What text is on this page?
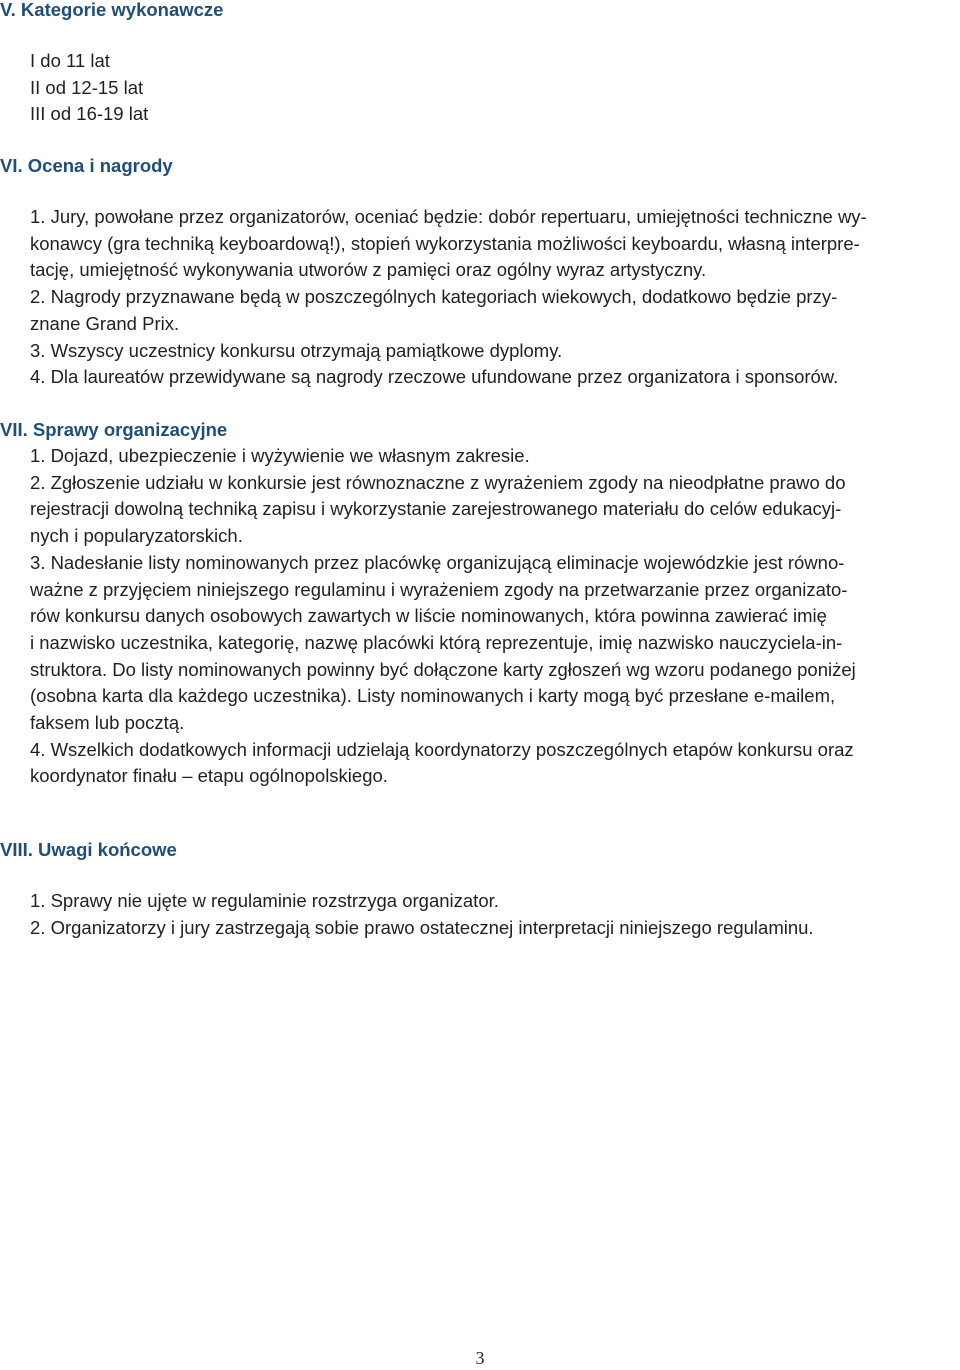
V. Kategorie wykonawcze
I do 11 lat
II od 12-15 lat
III od 16-19 lat
VI. Ocena i nagrody
1. Jury, powołane przez organizatorów, oceniać będzie: dobór repertuaru, umiejętności techniczne wy-
konawcy (gra techniką keyboardową!), stopień wykorzystania możliwości keyboardu, własną interpre-
tację, umiejętność wykonywania utworów z pamięci oraz ogólny wyraz artystyczny.
2. Nagrody przyznawane będą w poszczególnych kategoriach wiekowych, dodatkowo będzie przy-
znane Grand Prix.
3. Wszyscy uczestnicy konkursu otrzymają pamiątkowe dyplomy.
4. Dla laureatów przewidywane są nagrody rzeczowe ufundowane przez organizatora i sponsorów.
VII. Sprawy organizacyjne
1. Dojazd, ubezpieczenie i wyżywienie we własnym zakresie.
2. Zgłoszenie udziału w konkursie jest równoznaczne z wyrażeniem zgody na nieodpłatne prawo do
rejestracji dowolną techniką zapisu i wykorzystanie zarejestrowanego materiału do celów edukacyj-
nych i popularyzatorskich.
3. Nadesłanie listy nominowanych przez placówkę organizującą eliminacje wojewódzkie jest równo-
ważne z przyjęciem niniejszego regulaminu i wyrażeniem zgody na przetwarzanie przez organizato-
rów konkursu danych osobowych zawartych w liście nominowanych, która powinna zawierać imię
i nazwisko uczestnika, kategorię, nazwę placówki którą reprezentuje, imię nazwisko nauczyciela-in-
struktora. Do listy nominowanych powinny być dołączone karty zgłoszeń wg wzoru podanego poniżej
(osobna karta dla każdego uczestnika). Listy nominowanych i karty mogą być przesłane e-mailem,
faksem lub pocztą.
4. Wszelkich dodatkowych informacji udzielają koordynatorzy poszczególnych etapów konkursu oraz
koordynator finału – etapu ogólnopolskiego.
VIII. Uwagi końcowe
1. Sprawy nie ujęte w regulaminie rozstrzyga organizator.
2. Organizatorzy i jury zastrzegają sobie prawo ostatecznej interpretacji niniejszego regulaminu.
3
